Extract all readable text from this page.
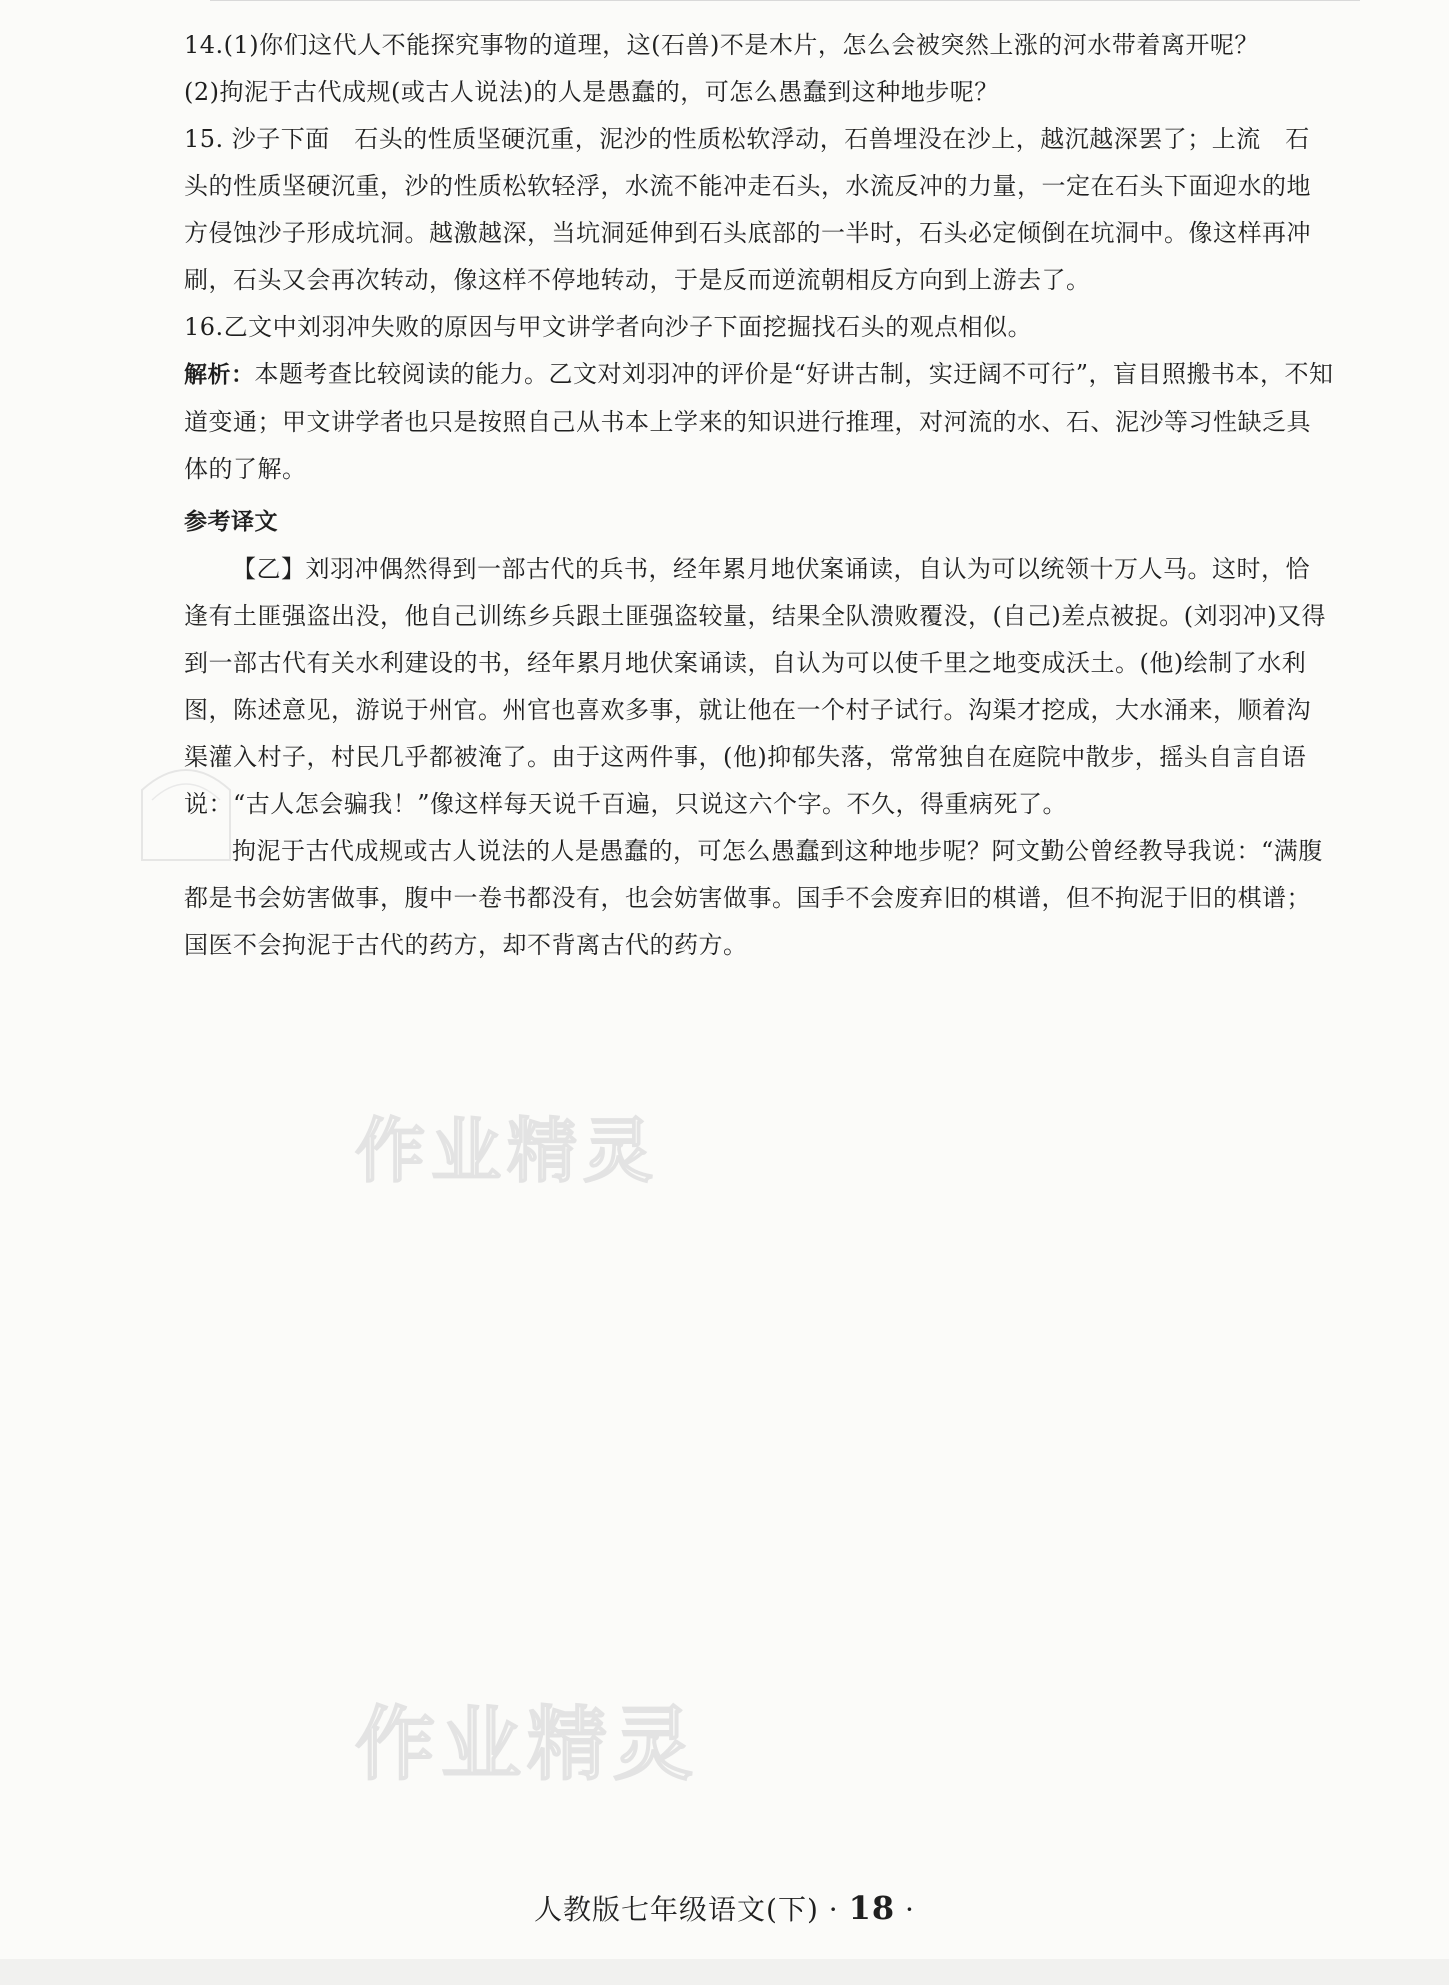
14.(1)你们这代人不能探究事物的道理，这(石兽)不是木片，怎么会被突然上涨的河水带着离开呢？

(2)拘泥于古代成规(或古人说法)的人是愚蠢的，可怎么愚蠢到这种地步呢？

15. 沙子下面　石头的性质坚硬沉重，泥沙的性质松软浮动，石兽埋没在沙上，越沉越深罢了；上流　石头的性质坚硬沉重，沙的性质松软轻浮，水流不能冲走石头，水流反冲的力量，一定在石头下面迎水的地方侵蚀沙子形成坑洞。越激越深，当坑洞延伸到石头底部的一半时，石头必定倾倒在坑洞中。像这样再冲刷，石头又会再次转动，像这样不停地转动，于是反而逆流朝相反方向到上游去了。

16.乙文中刘羽冲失败的原因与甲文讲学者向沙子下面挖掘找石头的观点相似。

解析：本题考查比较阅读的能力。乙文对刘羽冲的评价是“好讲古制，实迂阔不可行”，盲目照搬书本，不知道变通；甲文讲学者也只是按照自己从书本上学来的知识进行推理，对河流的水、石、泥沙等习性缺乏具体的了解。

参考译文

【乙】刘羽冲偶然得到一部古代的兵书，经年累月地伏案诵读，自认为可以统领十万人马。这时，恰逢有土匪强盗出没，他自己训练乡兵跟土匪强盗较量，结果全队溃败覆没，(自己)差点被捉。(刘羽冲)又得到一部古代有关水利建设的书，经年累月地伏案诵读，自认为可以使千里之地变成沃土。(他)绘制了水利图，陈述意见，游说于州官。州官也喜欢多事，就让他在一个村子试行。沟渠才挖成，大水涌来，顺着沟渠灌入村子，村民几乎都被淹了。由于这两件事，(他)抑郁失落，常常独自在庭院中散步，摇头自言自语说：“古人怎会骗我！”像这样每天说千百遍，只说这六个字。不久，得重病死了。

拘泥于古代成规或古人说法的人是愚蠢的，可怎么愚蠢到这种地步呢？阿文勤公曾经教导我说：“满腹都是书会妨害做事，腹中一卷书都没有，也会妨害做事。国手不会废弃旧的棋谱，但不拘泥于旧的棋谱；国医不会拘泥于古代的药方，却不背离古代的药方。

作业精灵
作业精灵
人教版七年级语文(下) · 18 ·
